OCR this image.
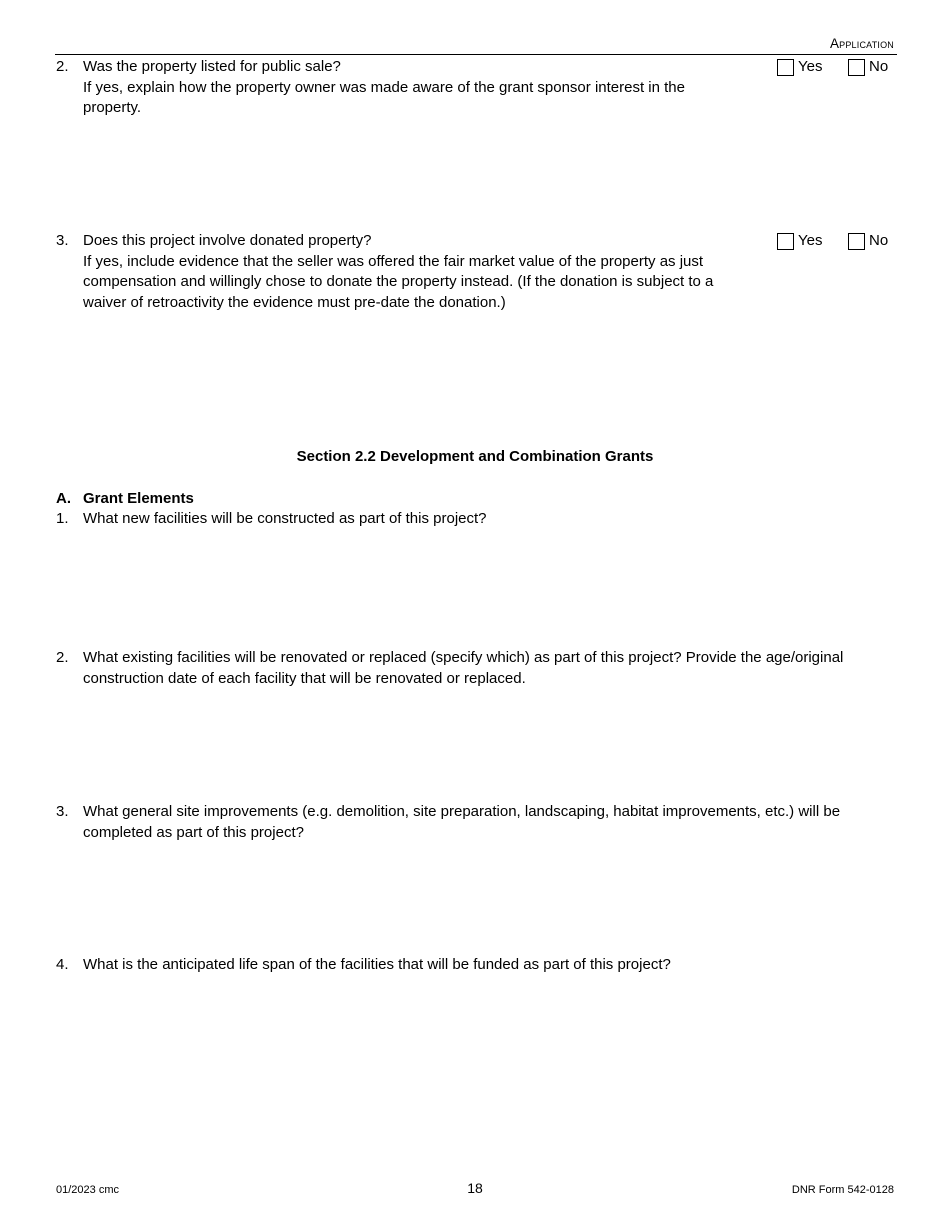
Application
2. Was the property listed for public sale?
If yes, explain how the property owner was made aware of the grant sponsor interest in the
property.
Yes	No
3. Does this project involve donated property?
If yes, include evidence that the seller was offered the fair market value of the property as just
compensation and willingly chose to donate the property instead. (If the donation is subject to a
waiver of retroactivity the evidence must pre-date the donation.)
Yes	No
Section 2.2 Development and Combination Grants
A. Grant Elements
1. What new facilities will be constructed as part of this project?
2. What existing facilities will be renovated or replaced (specify which) as part of this project? Provide the age/original
construction date of each facility that will be renovated or replaced.
3. What general site improvements (e.g. demolition, site preparation, landscaping, habitat improvements, etc.) will be
completed as part of this project?
4. What is the anticipated life span of the facilities that will be funded as part of this project?
01/2023 cmc	18	DNR Form 542-0128
